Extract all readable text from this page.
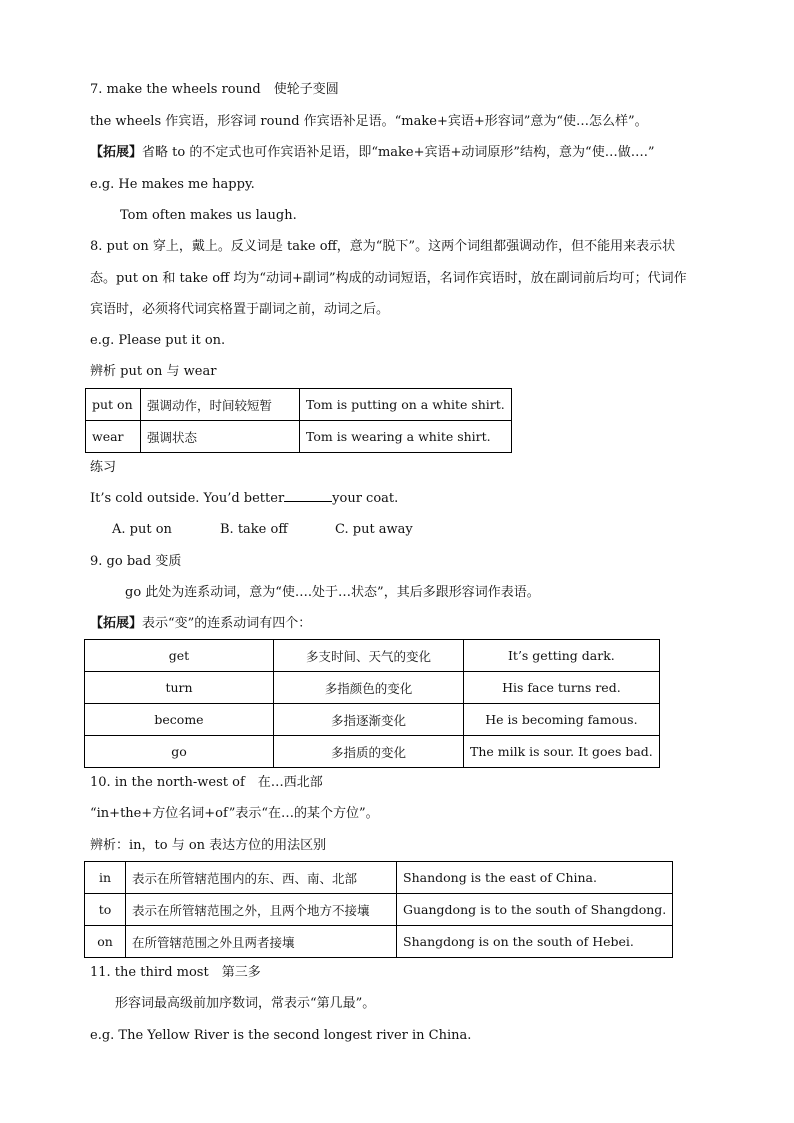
7. make the wheels round　使轮子变圆
the wheels 作宾语，形容词 round 作宾语补足语。“make+宾语+形容词”意为“使…怎么样”。
【拓展】省略 to 的不定式也可作宾语补足语，即“make+宾语+动词原形”结构，意为“使…做….”
e.g. He makes me happy.
Tom often makes us laugh.
8. put on 穿上，戴上。反义词是 take off，意为“脱下”。这两个词组都强调动作，但不能用来表示状
态。put on 和 take off 均为“动词+副词”构成的动词短语，名词作宾语时，放在副词前后均可；代词作
宾语时，必须将代词宾格置于副词之前，动词之后。
e.g. Please put it on.
辨析 put on 与 wear
put on	强调动作，时间较短暂	Tom is putting on a white shirt.
wear	强调状态	Tom is wearing a white shirt.
练习
It’s cold outside. You’d better	your coat.
A. put on	B. take off	C. put away
9. go bad 变质
go 此处为连系动词，意为“使….处于…状态”，其后多跟形容词作表语。
【拓展】表示“变”的连系动词有四个：
get	多支时间、天气的变化	It’s getting dark.
turn	多指颜色的变化	His face turns red.
become	多指逐渐变化	He is becoming famous.
go	多指质的变化	The milk is sour. It goes bad.
10. in the north-west of　在…西北部
“in+the+方位名词+of”表示“在…的某个方位”。
辨析：in，to 与 on 表达方位的用法区别
in	表示在所管辖范围内的东、西、南、北部	Shandong is the east of China.
to	表示在所管辖范围之外，且两个地方不接壤	Guangdong is to the south of Shangdong.
on	在所管辖范围之外且两者接壤	Shangdong is on the south of Hebei.
11. the third most　第三多
形容词最高级前加序数词，常表示“第几最”。
e.g. The Yellow River is the second longest river in China.
